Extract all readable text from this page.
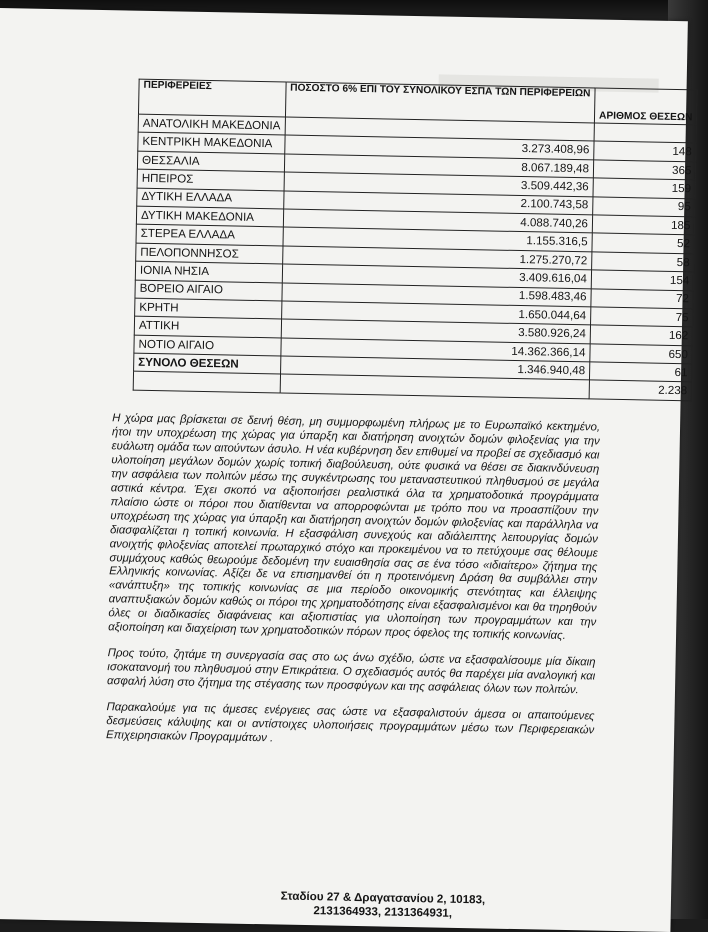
ΠΕΡΙΦΕΡΕΙΕΣ	ΠΟΣΟΣΤΟ 6% ΕΠΙ ΤΟΥ ΣΥΝΟΛΙΚΟΥ ΕΣΠΑ ΤΩΝ ΠΕΡΙΦΕΡΕΙΩΝ	ΑΡΙΘΜΟΣ ΘΕΣΕΩΝ
ΑΝΑΤΟΛΙΚΗ ΜΑΚΕΔΟΝΙΑ		
ΚΕΝΤΡΙΚΗ ΜΑΚΕΔΟΝΙΑ	3.273.408,96	148
ΘΕΣΣΑΛΙΑ	8.067.189,48	365
ΗΠΕΙΡΟΣ	3.509.442,36	159
ΔΥΤΙΚΗ ΕΛΛΑΔΑ	2.100.743,58	95
ΔΥΤΙΚΗ ΜΑΚΕΔΟΝΙΑ	4.088.740,26	185
ΣΤΕΡΕΑ ΕΛΛΑΔΑ	1.155.316,5	52
ΠΕΛΟΠΟΝΝΗΣΟΣ	1.275.270,72	58
ΙΟΝΙΑ ΝΗΣΙΑ	3.409.616,04	154
ΒΟΡΕΙΟ ΑΙΓΑΙΟ	1.598.483,46	72
ΚΡΗΤΗ	1.650.044,64	75
ΑΤΤΙΚΗ	3.580.926,24	162
ΝΟΤΙΟ ΑΙΓΑΙΟ	14.362.366,14	650
ΣΥΝΟΛΟ ΘΕΣΕΩΝ	1.346.940,48	61
		2.238

Η χώρα μας βρίσκεται σε δεινή θέση, μη συμμορφωμένη πλήρως με το Ευρωπαϊκό κεκτημένο, ήτοι την υποχρέωση της χώρας για ύπαρξη και διατήρηση ανοιχτών δομών φιλοξενίας για την ευάλωτη ομάδα των αιτούντων άσυλο. Η νέα κυβέρνηση δεν επιθυμεί να προβεί σε σχεδιασμό και υλοποίηση μεγάλων δομών χωρίς τοπική διαβούλευση, ούτε φυσικά να θέσει σε διακινδύνευση την ασφάλεια των πολιτών μέσω της συγκέντρωσης του μεταναστευτικού πληθυσμού σε μεγάλα αστικά κέντρα. Έχει σκοπό να αξιοποιήσει ρεαλιστικά όλα τα χρηματοδοτικά προγράμματα πλαίσιο ώστε οι πόροι που διατίθενται να απορροφώνται με τρόπο που να προασπίζουν την υποχρέωση της χώρας για ύπαρξη και διατήρηση ανοιχτών δομών φιλοξενίας και παράλληλα να διασφαλίζεται η τοπική κοινωνία. Η εξασφάλιση συνεχούς και αδιάλειπτης λειτουργίας δομών ανοιχτής φιλοξενίας αποτελεί πρωταρχικό στόχο και προκειμένου να το πετύχουμε σας θέλουμε συμμάχους καθώς θεωρούμε δεδομένη την ευαισθησία σας σε ένα τόσο «ιδιαίτερο» ζήτημα της Ελληνικής κοινωνίας. Αξίζει δε να επισημανθεί ότι η προτεινόμενη Δράση θα συμβάλλει στην «ανάπτυξη» της τοπικής κοινωνίας σε μια περίοδο οικονομικής στενότητας και έλλειψης αναπτυξιακών δομών καθώς οι πόροι της χρηματοδότησης είναι εξασφαλισμένοι και θα τηρηθούν όλες οι διαδικασίες διαφάνειας και αξιοπιστίας για υλοποίηση των προγραμμάτων και την αξιοποίηση και διαχείριση των χρηματοδοτικών πόρων προς όφελος της τοπικής κοινωνίας.

Προς τούτο, ζητάμε τη συνεργασία σας στο ως άνω σχέδιο, ώστε να εξασφαλίσουμε μία δίκαιη ισοκατανομή του πληθυσμού στην Επικράτεια. Ο σχεδιασμός αυτός θα παρέχει μία αναλογική και ασφαλή λύση στο ζήτημα της στέγασης των προσφύγων και της ασφάλειας όλων των πολιτών.

Παρακαλούμε για τις άμεσες ενέργειες σας ώστε να εξασφαλιστούν άμεσα οι απαιτούμενες δεσμεύσεις κάλυψης και οι αντίστοιχες υλοποιήσεις προγραμμάτων μέσω των Περιφερειακών Επιχειρησιακών Προγραμμάτων .

Σταδίου 27 & Δραγατσανίου 2, 10183,
2131364933, 2131364931,
